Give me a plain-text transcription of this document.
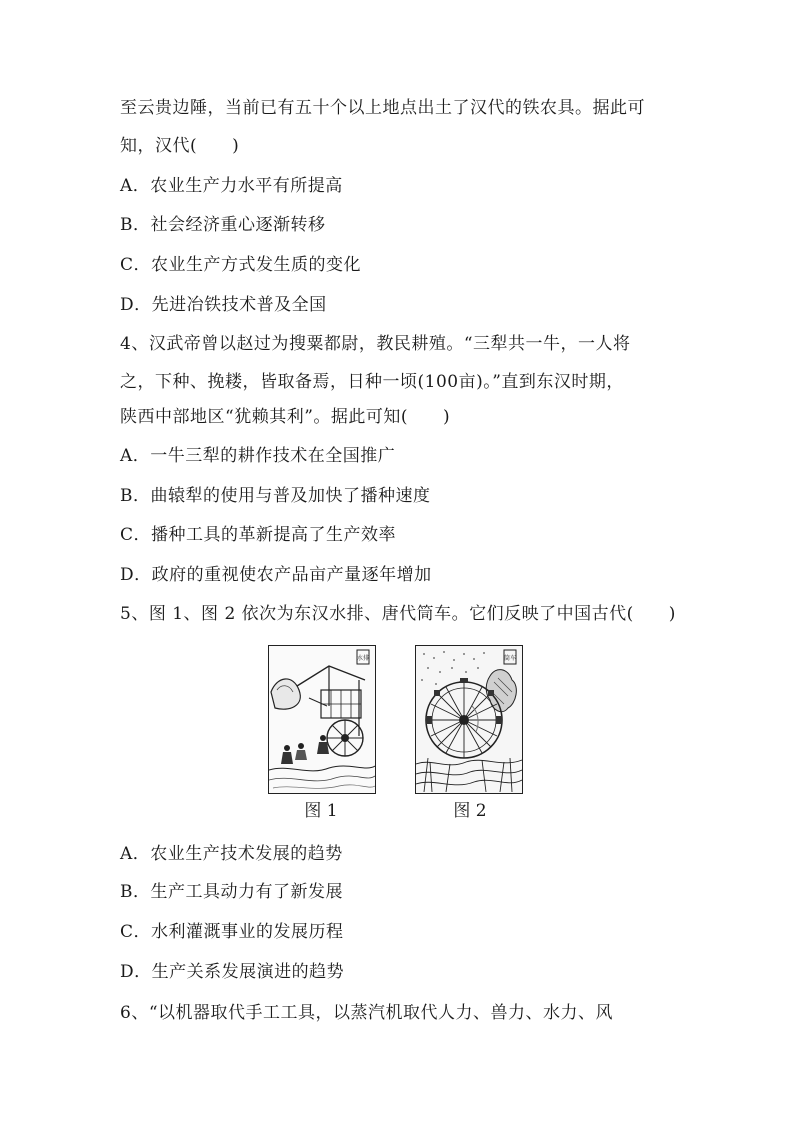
至云贵边陲，当前已有五十个以上地点出土了汉代的铁农具。据此可
知，汉代(　　)
A．农业生产力水平有所提高
B．社会经济重心逐渐转移
C．农业生产方式发生质的变化
D．先进冶铁技术普及全国
4、汉武帝曾以赵过为搜粟都尉，教民耕殖。“三犁共一牛，一人将
之，下种、挽耧，皆取备焉，日种一顷(100亩)。”直到东汉时期，
陕西中部地区“犹赖其利”。据此可知(　　)
A．一牛三犁的耕作技术在全国推广
B．曲辕犁的使用与普及加快了播种速度
C．播种工具的革新提高了生产效率
D．政府的重视使农产品亩产量逐年增加
5、图 1、图 2 依次为东汉水排、唐代筒车。它们反映了中国古代(　　)
水排
图 1
筒车
图 2
A．农业生产技术发展的趋势
B．生产工具动力有了新发展
C．水利灌溉事业的发展历程
D．生产关系发展演进的趋势
6、“以机器取代手工工具，以蒸汽机取代人力、兽力、水力、风
